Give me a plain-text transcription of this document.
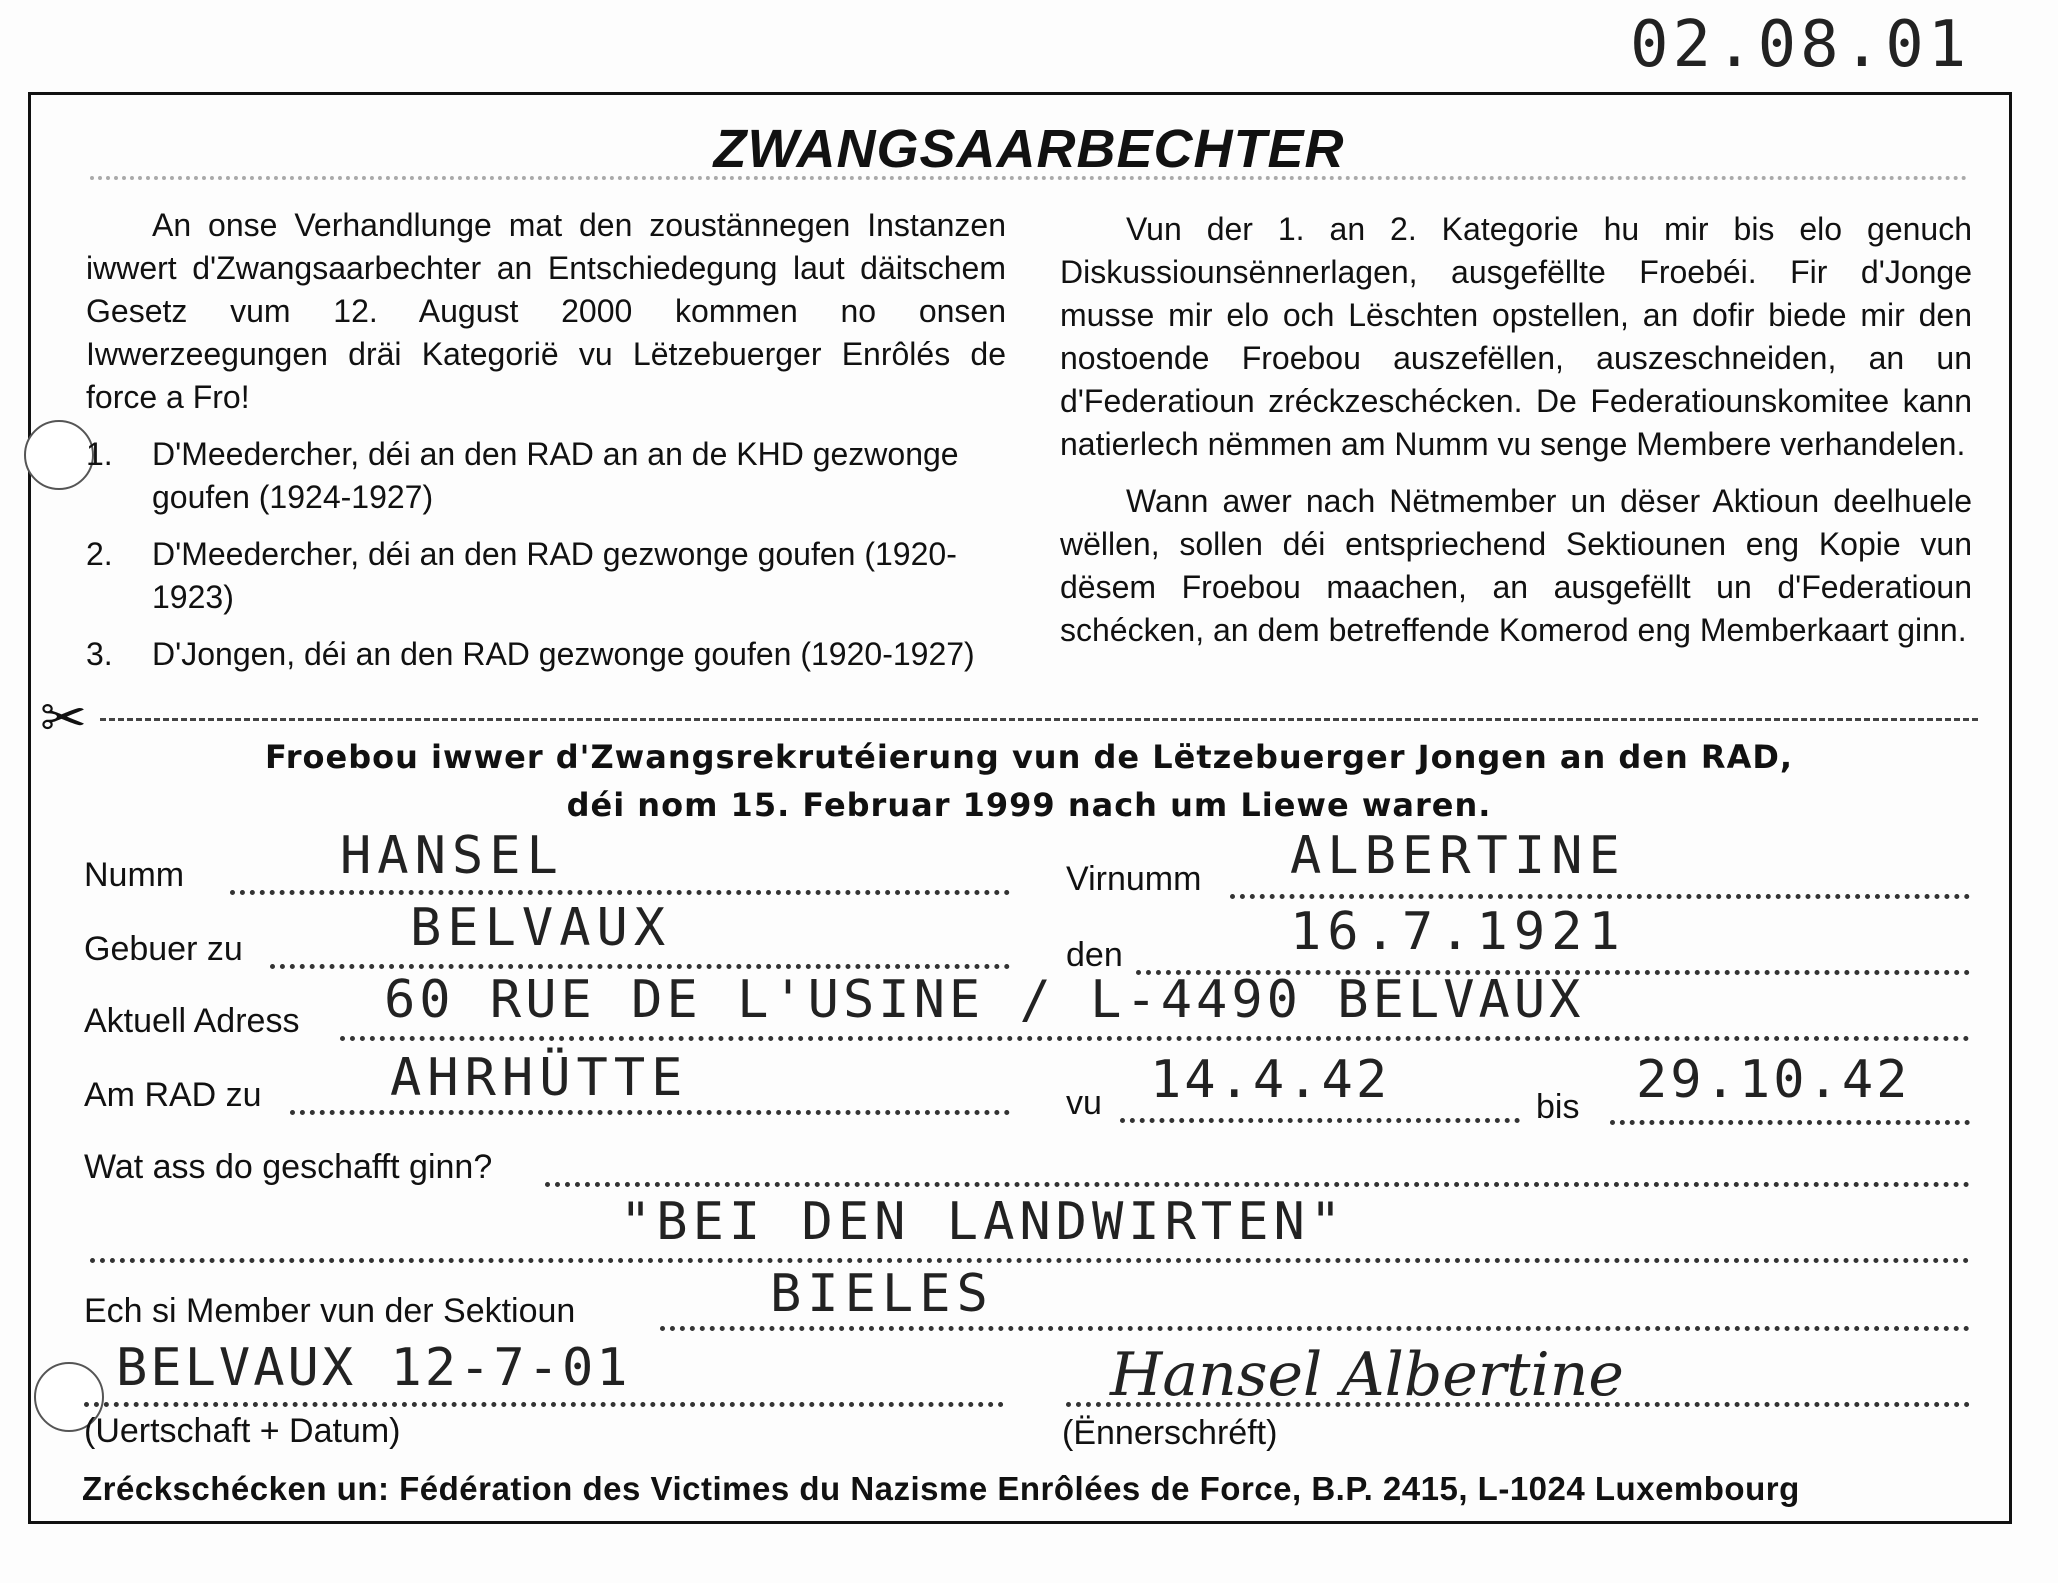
02.08.01
ZWANGSAARBECHTER

An onse Verhandlunge mat den zoustännegen Instanzen iwwert d'Zwangsaarbechter an Entschiedegung laut däitschem Gesetz vum 12. August 2000 kommen no onsen Iwwerzeegungen dräi Kategorië vu Lëtzebuerger Enrôlés de force a Fro!

1.	D'Meedercher, déi an den RAD an an de KHD gezwonge goufen (1924-1927)
2.	D'Meedercher, déi an den RAD gezwonge goufen (1920-1923)
3.	D'Jongen, déi an den RAD gezwonge goufen (1920-1927)

Vun der 1. an 2. Kategorie hu mir bis elo genuch Diskussiounsënnerlagen, ausgefëllte Froebéi. Fir d'Jonge musse mir elo och Lëschten opstellen, an dofir biede mir den nostoende Froebou auszefëllen, auszeschneiden, an un d'Federatioun zréckzeschécken. De Federatiounskomitee kann natierlech nëmmen am Numm vu senge Membere verhandelen.

Wann awer nach Nëtmember un dëser Aktioun deelhuele wëllen, sollen déi entspriechend Sektiounen eng Kopie vun dësem Froebou maachen, an ausgefëllt un d'Federatioun schécken, an dem betreffende Komerod eng Memberkaart ginn.

✂
Froebou iwwer d'Zwangsrekrutéierung vun de Lëtzebuerger Jongen an den RAD,
déi nom 15. Februar 1999 nach um Liewe waren.
Numm	HANSEL	Virnumm ALBERTINE
Gebuer zu	BELVAUX	den	16.7.1921
Aktuell Adress 60 RUE DE L'USINE / L-4490 BELVAUX
Am RAD zu AHRHÜTTE	vu 14.4.42	bis 29.10.42
Wat ass do geschafft ginn?
"BEI DEN LANDWIRTEN"
Ech si Member vun der Sektioun	BIELES
BELVAUX 12-7-01
(Uertschaft + Datum)
Hansel Albertine
(Ënnerschréft)
Zréckschécken un: Fédération des Victimes du Nazisme Enrôlées de Force, B.P. 2415, L-1024 Luxembourg
